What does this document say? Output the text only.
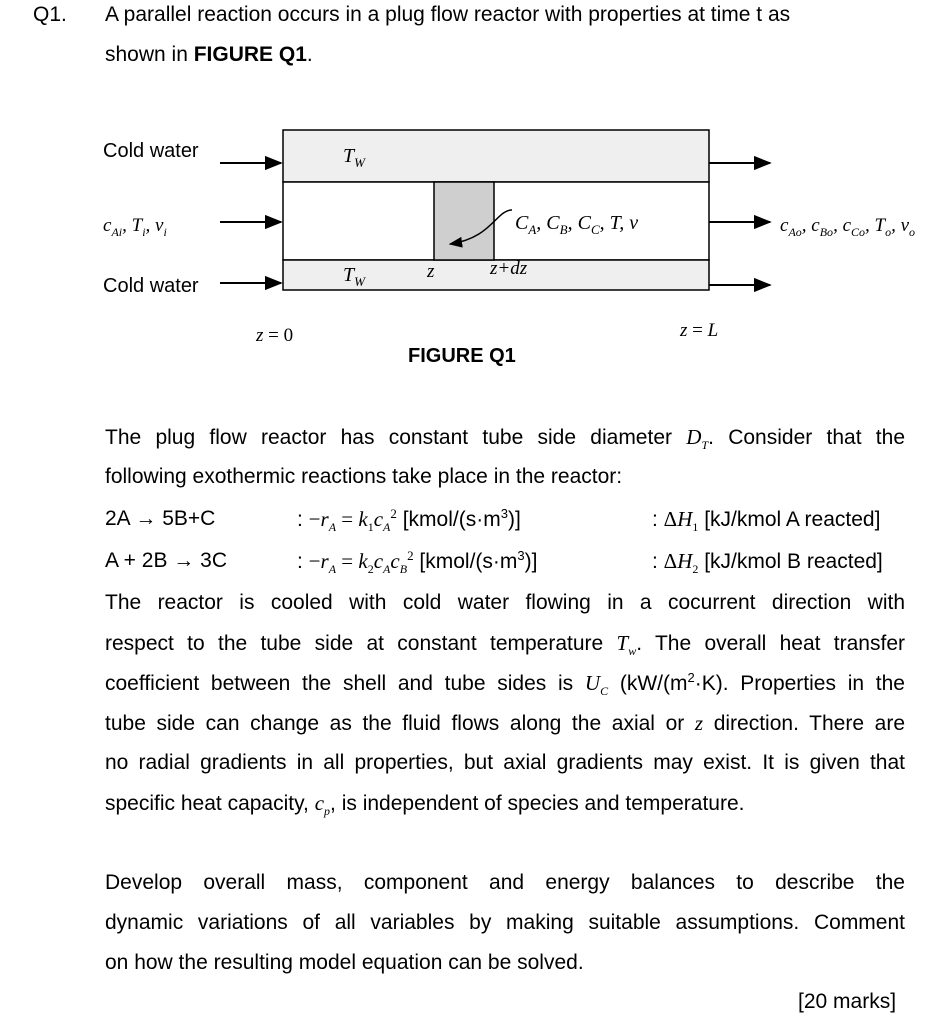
Q1. A parallel reaction occurs in a plug flow reactor with properties at time t as
shown in FIGURE Q1.
Cold water
Cold water
$c_{Ai}$, $T_i$, $v_i$	$c_{Ao}$, $c_{Bo}$, $c_{Co}$, $T_o$, $v_o$
$T_W$
$T_W$
$C_A$, $C_B$, $C_C$, T, v
z	z+dz
z = 0	z = L
FIGURE Q1
The plug flow reactor has constant tube side diameter $D_T$. Consider that the
following exothermic reactions take place in the reactor:
2A → 5B+C	: $-r_A = k_1c_A^2$ $[kmol/(s\cdot m^3)]$	: $\Delta H_1$ [kJ/kmol A reacted]
A + 2B → 3C	: $-r_A = k_2c_Ac_B^2$ $[kmol/(s\cdot m^3)]$	: $\Delta H_2$ [kJ/kmol B reacted]
The reactor is cooled with cold water flowing in a cocurrent direction with
respect to the tube side at constant temperature $T_w$. The overall heat transfer
coefficient between the shell and tube sides is $U_C$ ($kW/(m^2\cdot K)$. Properties in the
tube side can change as the fluid flows along the axial or z direction. There are
no radial gradients in all properties, but axial gradients may exist. It is given that
specific heat capacity, $c_p$, is independent of species and temperature.
Develop overall mass, component and energy balances to describe the
dynamic variations of all variables by making suitable assumptions. Comment
on how the resulting model equation can be solved.
[20 marks]
